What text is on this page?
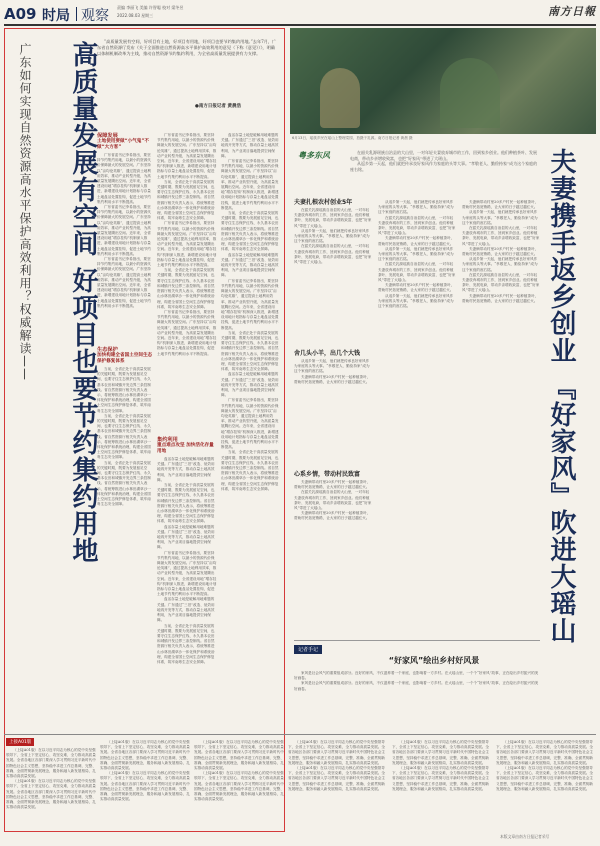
A09 时局 观察
责编 李丽飞 美编 许智聪 校对 梁冬昱
2022.08.03 星期三	南方日報
高质量发展有空间 好项目也要节约集约用地
广东如何实现自然资源高水平保护高效利用？权威解读——

“高质量发展有空间，好项目有土地，好项目有用地，好项目也要节约集约用地。”去年7月，广东省自然资源厅发布《关于全面推进自然资源高水平保护高效利用的意见（下称《意见》）》，明确以体制机制改革为主线，推动自然资源节约集约利用，为全省高质量发展提供有力支撑。

●南方日报记者 黄晨浩
保障发展
土地使用要做“小气鬼”不做“大方客”

广东省委书记李希指出，要坚持节约集约用地，以最小的资源代价保障最大的发展空间。广东坚持以“亩均论英雄”，通过提高土地利用效率，推动产业转型升级，为高质量发展腾出空间。近年来，全省建设用地“增存挂钩”机制深入推进，新增建设用地计划指标与存量土地盘活处置挂钩，促进土地节约集约利用水平不断提高。

广东省委书记李希指出，要坚持节约集约用地，以最小的资源代价保障最大的发展空间。广东坚持以“亩均论英雄”，通过提高土地利用效率，推动产业转型升级，为高质量发展腾出空间。近年来，全省建设用地“增存挂钩”机制深入推进，新增建设用地计划指标与存量土地盘活处置挂钩，促进土地节约集约利用水平不断提高。

广东省委书记李希指出，要坚持节约集约用地，以最小的资源代价保障最大的发展空间。广东坚持以“亩均论英雄”，通过提高土地利用效率，推动产业转型升级，为高质量发展腾出空间。近年来，全省建设用地“增存挂钩”机制深入推进，新增建设用地计划指标与存量土地盘活处置挂钩，促进土地节约集约利用水平不断提高。

生态保护
加快构建全省国土空间生态保护修复体系

当前，全省正处于高质量发展的关键时期，既要为发展留足空间，也要守住生态保护红线、永久基本农田和城镇开发边界三条控制线。省自然资源厅相关负责人表示，将统筹推进山水林田湖草沙一体化保护和系统治理，构建全省国土空间生态保护修复体系，筑牢南粤生态安全屏障。

当前，全省正处于高质量发展的关键时期，既要为发展留足空间，也要守住生态保护红线、永久基本农田和城镇开发边界三条控制线。省自然资源厅相关负责人表示，将统筹推进山水林田湖草沙一体化保护和系统治理，构建全省国土空间生态保护修复体系，筑牢南粤生态安全屏障。

当前，全省正处于高质量发展的关键时期，既要为发展留足空间，也要守住生态保护红线、永久基本农田和城镇开发边界三条控制线。省自然资源厅相关负责人表示，将统筹推进山水林田湖草沙一体化保护和系统治理，构建全省国土空间生态保护修复体系，筑牢南粤生态安全屏障。

广东省委书记李希指出，要坚持节约集约用地，以最小的资源代价保障最大的发展空间。广东坚持以“亩均论英雄”，通过提高土地利用效率，推动产业转型升级，为高质量发展腾出空间。近年来，全省建设用地“增存挂钩”机制深入推进，新增建设用地计划指标与存量土地盘活处置挂钩，促进土地节约集约利用水平不断提高。

当前，全省正处于高质量发展的关键时期，既要为发展留足空间，也要守住生态保护红线、永久基本农田和城镇开发边界三条控制线。省自然资源厅相关负责人表示，将统筹推进山水林田湖草沙一体化保护和系统治理，构建全省国土空间生态保护修复体系，筑牢南粤生态安全屏障。

广东省委书记李希指出，要坚持节约集约用地，以最小的资源代价保障最大的发展空间。广东坚持以“亩均论英雄”，通过提高土地利用效率，推动产业转型升级，为高质量发展腾出空间。近年来，全省建设用地“增存挂钩”机制深入推进，新增建设用地计划指标与存量土地盘活处置挂钩，促进土地节约集约利用水平不断提高。

当前，全省正处于高质量发展的关键时期，既要为发展留足空间，也要守住生态保护红线、永久基本农田和城镇开发边界三条控制线。省自然资源厅相关负责人表示，将统筹推进山水林田湖草沙一体化保护和系统治理，构建全省国土空间生态保护修复体系，筑牢南粤生态安全屏障。

广东省委书记李希指出，要坚持节约集约用地，以最小的资源代价保障最大的发展空间。广东坚持以“亩均论英雄”，通过提高土地利用效率，推动产业转型升级，为高质量发展腾出空间。近年来，全省建设用地“增存挂钩”机制深入推进，新增建设用地计划指标与存量土地盘活处置挂钩，促进土地节约集约利用水平不断提高。

集约利用
重点难点攻坚 加快活化存量用地

盘活存量土地是破解用地难题的关键。广东通过“三旧”改造、低效用地再开发等方式，推动存量土地高效利用，为产业项目落地提供空间保障。

当前，全省正处于高质量发展的关键时期，既要为发展留足空间，也要守住生态保护红线、永久基本农田和城镇开发边界三条控制线。省自然资源厅相关负责人表示，将统筹推进山水林田湖草沙一体化保护和系统治理，构建全省国土空间生态保护修复体系，筑牢南粤生态安全屏障。

盘活存量土地是破解用地难题的关键。广东通过“三旧”改造、低效用地再开发等方式，推动存量土地高效利用，为产业项目落地提供空间保障。

广东省委书记李希指出，要坚持节约集约用地，以最小的资源代价保障最大的发展空间。广东坚持以“亩均论英雄”，通过提高土地利用效率，推动产业转型升级，为高质量发展腾出空间。近年来，全省建设用地“增存挂钩”机制深入推进，新增建设用地计划指标与存量土地盘活处置挂钩，促进土地节约集约利用水平不断提高。

盘活存量土地是破解用地难题的关键。广东通过“三旧”改造、低效用地再开发等方式，推动存量土地高效利用，为产业项目落地提供空间保障。

当前，全省正处于高质量发展的关键时期，既要为发展留足空间，也要守住生态保护红线、永久基本农田和城镇开发边界三条控制线。省自然资源厅相关负责人表示，将统筹推进山水林田湖草沙一体化保护和系统治理，构建全省国土空间生态保护修复体系，筑牢南粤生态安全屏障。

盘活存量土地是破解用地难题的关键。广东通过“三旧”改造、低效用地再开发等方式，推动存量土地高效利用，为产业项目落地提供空间保障。

广东省委书记李希指出，要坚持节约集约用地，以最小的资源代价保障最大的发展空间。广东坚持以“亩均论英雄”，通过提高土地利用效率，推动产业转型升级，为高质量发展腾出空间。近年来，全省建设用地“增存挂钩”机制深入推进，新增建设用地计划指标与存量土地盘活处置挂钩，促进土地节约集约利用水平不断提高。

当前，全省正处于高质量发展的关键时期，既要为发展留足空间，也要守住生态保护红线、永久基本农田和城镇开发边界三条控制线。省自然资源厅相关负责人表示，将统筹推进山水林田湖草沙一体化保护和系统治理，构建全省国土空间生态保护修复体系，筑牢南粤生态安全屏障。

盘活存量土地是破解用地难题的关键。广东通过“三旧”改造、低效用地再开发等方式，推动存量土地高效利用，为产业项目落地提供空间保障。

广东省委书记李希指出，要坚持节约集约用地，以最小的资源代价保障最大的发展空间。广东坚持以“亩均论英雄”，通过提高土地利用效率，推动产业转型升级，为高质量发展腾出空间。近年来，全省建设用地“增存挂钩”机制深入推进，新增建设用地计划指标与存量土地盘活处置挂钩，促进土地节约集约利用水平不断提高。

当前，全省正处于高质量发展的关键时期，既要为发展留足空间，也要守住生态保护红线、永久基本农田和城镇开发边界三条控制线。省自然资源厅相关负责人表示，将统筹推进山水林田湖草沙一体化保护和系统治理，构建全省国土空间生态保护修复体系，筑牢南粤生态安全屏障。

盘活存量土地是破解用地难题的关键。广东通过“三旧”改造、低效用地再开发等方式，推动存量土地高效利用，为产业项目落地提供空间保障。

广东省委书记李希指出，要坚持节约集约用地，以最小的资源代价保障最大的发展空间。广东坚持以“亩均论英雄”，通过提高土地利用效率，推动产业转型升级，为高质量发展腾出空间。近年来，全省建设用地“增存挂钩”机制深入推进，新增建设用地计划指标与存量土地盘活处置挂钩，促进土地节约集约利用水平不断提高。

当前，全省正处于高质量发展的关键时期，既要为发展留足空间，也要守住生态保护红线、永久基本农田和城镇开发边界三条控制线。省自然资源厅相关负责人表示，将统筹推进山水林田湖草沙一体化保护和系统治理，构建全省国土空间生态保护修复体系，筑牢南粤生态安全屏障。

6月13日，瑶族乡民在瑶山上整理菜园，拍摄于乳源。南方日报记者 黄晨 摄
粤多东风	夫妻携手返乡创业 『好家风』吹进大瑶山

在韶关乳源瑶族自治县的大山里，一对年轻夫妻放弃城市的工作，回到家乡创业。他们种植茶叶、发展电商，带动乡亲增收致富，也把“好家风”带进了大瑶山。

从返乡第一天起，他们就把传承良好家风作为家庭的头等大事。“孝敬老人、勤俭持家”成为这个家庭的座右铭。

夫妻扎根农村创业5年

在韶关乳源瑶族自治县的大山里，一对年轻夫妻放弃城市的工作，回到家乡创业。他们种植茶叶、发展电商，带动乡亲增收致富，也把“好家风”带进了大瑶山。

从返乡第一天起，他们就把传承良好家风作为家庭的头等大事。“孝敬老人、勤俭持家”成为这个家庭的座右铭。

在韶关乳源瑶族自治县的大山里，一对年轻夫妻放弃城市的工作，回到家乡创业。他们种植茶叶、发展电商，带动乡亲增收致富，也把“好家风”带进了大瑶山。

舍几头小羊，出几个大钱

从返乡第一天起，他们就把传承良好家风作为家庭的头等大事。“孝敬老人、勤俭持家”成为这个家庭的座右铭。

夫妻俩带动村里20多户村民一起种植茶叶，帮助村民拓宽销路，让大家的日子越过越红火。

心系乡情，带动村民致富

夫妻俩带动村里20多户村民一起种植茶叶，帮助村民拓宽销路，让大家的日子越过越红火。

在韶关乳源瑶族自治县的大山里，一对年轻夫妻放弃城市的工作，回到家乡创业。他们种植茶叶、发展电商，带动乡亲增收致富，也把“好家风”带进了大瑶山。

夫妻俩带动村里20多户村民一起种植茶叶，帮助村民拓宽销路，让大家的日子越过越红火。

从返乡第一天起，他们就把传承良好家风作为家庭的头等大事。“孝敬老人、勤俭持家”成为这个家庭的座右铭。

在韶关乳源瑶族自治县的大山里，一对年轻夫妻放弃城市的工作，回到家乡创业。他们种植茶叶、发展电商，带动乡亲增收致富，也把“好家风”带进了大瑶山。

夫妻俩带动村里20多户村民一起种植茶叶，帮助村民拓宽销路，让大家的日子越过越红火。

从返乡第一天起，他们就把传承良好家风作为家庭的头等大事。“孝敬老人、勤俭持家”成为这个家庭的座右铭。

在韶关乳源瑶族自治县的大山里，一对年轻夫妻放弃城市的工作，回到家乡创业。他们种植茶叶、发展电商，带动乡亲增收致富，也把“好家风”带进了大瑶山。

夫妻俩带动村里20多户村民一起种植茶叶，帮助村民拓宽销路，让大家的日子越过越红火。

从返乡第一天起，他们就把传承良好家风作为家庭的头等大事。“孝敬老人、勤俭持家”成为这个家庭的座右铭。

夫妻俩带动村里20多户村民一起种植茶叶，帮助村民拓宽销路，让大家的日子越过越红火。

从返乡第一天起，他们就把传承良好家风作为家庭的头等大事。“孝敬老人、勤俭持家”成为这个家庭的座右铭。

在韶关乳源瑶族自治县的大山里，一对年轻夫妻放弃城市的工作，回到家乡创业。他们种植茶叶、发展电商，带动乡亲增收致富，也把“好家风”带进了大瑶山。

夫妻俩带动村里20多户村民一起种植茶叶，帮助村民拓宽销路，让大家的日子越过越红火。

从返乡第一天起，他们就把传承良好家风作为家庭的头等大事。“孝敬老人、勤俭持家”成为这个家庭的座右铭。

在韶关乳源瑶族自治县的大山里，一对年轻夫妻放弃城市的工作，回到家乡创业。他们种植茶叶、发展电商，带动乡亲增收致富，也把“好家风”带进了大瑶山。

夫妻俩带动村里20多户村民一起种植茶叶，帮助村民拓宽销路，让大家的日子越过越红火。

记者手记
“好家风”绘出乡村好风景

家风是社会风气的重要组成部分。良好的家风，不仅滋养着一个家庭，也影响着一方乡村。在大瑶山里，一个个“好家风”故事，正在绘出乡村振兴的美好画卷。

家风是社会风气的重要组成部分。良好的家风，不仅滋养着一个家庭，也影响着一方乡村。在大瑶山里，一个个“好家风”故事，正在绘出乡村振兴的美好画卷。

上接A01版

（上接A01版）在以习近平同志为核心的党中央坚强领导下，全省上下坚定信心、攻坚克难，全力推动高质量发展。全省各地区各部门要深入学习贯彻习近平新时代中国特色社会主义思想，坚持稳中求进工作总基调，完整、准确、全面贯彻新发展理念，服务和融入新发展格局，扎实推动高质量发展。

（上接A01版）在以习近平同志为核心的党中央坚强领导下，全省上下坚定信心、攻坚克难，全力推动高质量发展。全省各地区各部门要深入学习贯彻习近平新时代中国特色社会主义思想，坚持稳中求进工作总基调，完整、准确、全面贯彻新发展理念，服务和融入新发展格局，扎实推动高质量发展。

（上接A01版）在以习近平同志为核心的党中央坚强领导下，全省上下坚定信心、攻坚克难，全力推动高质量发展。全省各地区各部门要深入学习贯彻习近平新时代中国特色社会主义思想，坚持稳中求进工作总基调，完整、准确、全面贯彻新发展理念，服务和融入新发展格局，扎实推动高质量发展。

（上接A01版）在以习近平同志为核心的党中央坚强领导下，全省上下坚定信心、攻坚克难，全力推动高质量发展。全省各地区各部门要深入学习贯彻习近平新时代中国特色社会主义思想，坚持稳中求进工作总基调，完整、准确、全面贯彻新发展理念，服务和融入新发展格局，扎实推动高质量发展。

（上接A01版）在以习近平同志为核心的党中央坚强领导下，全省上下坚定信心、攻坚克难，全力推动高质量发展。全省各地区各部门要深入学习贯彻习近平新时代中国特色社会主义思想，坚持稳中求进工作总基调，完整、准确、全面贯彻新发展理念，服务和融入新发展格局，扎实推动高质量发展。

（上接A01版）在以习近平同志为核心的党中央坚强领导下，全省上下坚定信心、攻坚克难，全力推动高质量发展。全省各地区各部门要深入学习贯彻习近平新时代中国特色社会主义思想，坚持稳中求进工作总基调，完整、准确、全面贯彻新发展理念，服务和融入新发展格局，扎实推动高质量发展。

（上接A01版）在以习近平同志为核心的党中央坚强领导下，全省上下坚定信心、攻坚克难，全力推动高质量发展。全省各地区各部门要深入学习贯彻习近平新时代中国特色社会主义思想，坚持稳中求进工作总基调，完整、准确、全面贯彻新发展理念，服务和融入新发展格局，扎实推动高质量发展。

（上接A01版）在以习近平同志为核心的党中央坚强领导下，全省上下坚定信心、攻坚克难，全力推动高质量发展。全省各地区各部门要深入学习贯彻习近平新时代中国特色社会主义思想，坚持稳中求进工作总基调，完整、准确、全面贯彻新发展理念，服务和融入新发展格局，扎实推动高质量发展。

（上接A01版）在以习近平同志为核心的党中央坚强领导下，全省上下坚定信心、攻坚克难，全力推动高质量发展。全省各地区各部门要深入学习贯彻习近平新时代中国特色社会主义思想，坚持稳中求进工作总基调，完整、准确、全面贯彻新发展理念，服务和融入新发展格局，扎实推动高质量发展。

（上接A01版）在以习近平同志为核心的党中央坚强领导下，全省上下坚定信心、攻坚克难，全力推动高质量发展。全省各地区各部门要深入学习贯彻习近平新时代中国特色社会主义思想，坚持稳中求进工作总基调，完整、准确、全面贯彻新发展理念，服务和融入新发展格局，扎实推动高质量发展。

（上接A01版）在以习近平同志为核心的党中央坚强领导下，全省上下坚定信心、攻坚克难，全力推动高质量发展。全省各地区各部门要深入学习贯彻习近平新时代中国特色社会主义思想，坚持稳中求进工作总基调，完整、准确、全面贯彻新发展理念，服务和融入新发展格局，扎实推动高质量发展。

（上接A01版）在以习近平同志为核心的党中央坚强领导下，全省上下坚定信心、攻坚克难，全力推动高质量发展。全省各地区各部门要深入学习贯彻习近平新时代中国特色社会主义思想，坚持稳中求进工作总基调，完整、准确、全面贯彻新发展理念，服务和融入新发展格局，扎实推动高质量发展。

本版文章由南方日报记者采写
